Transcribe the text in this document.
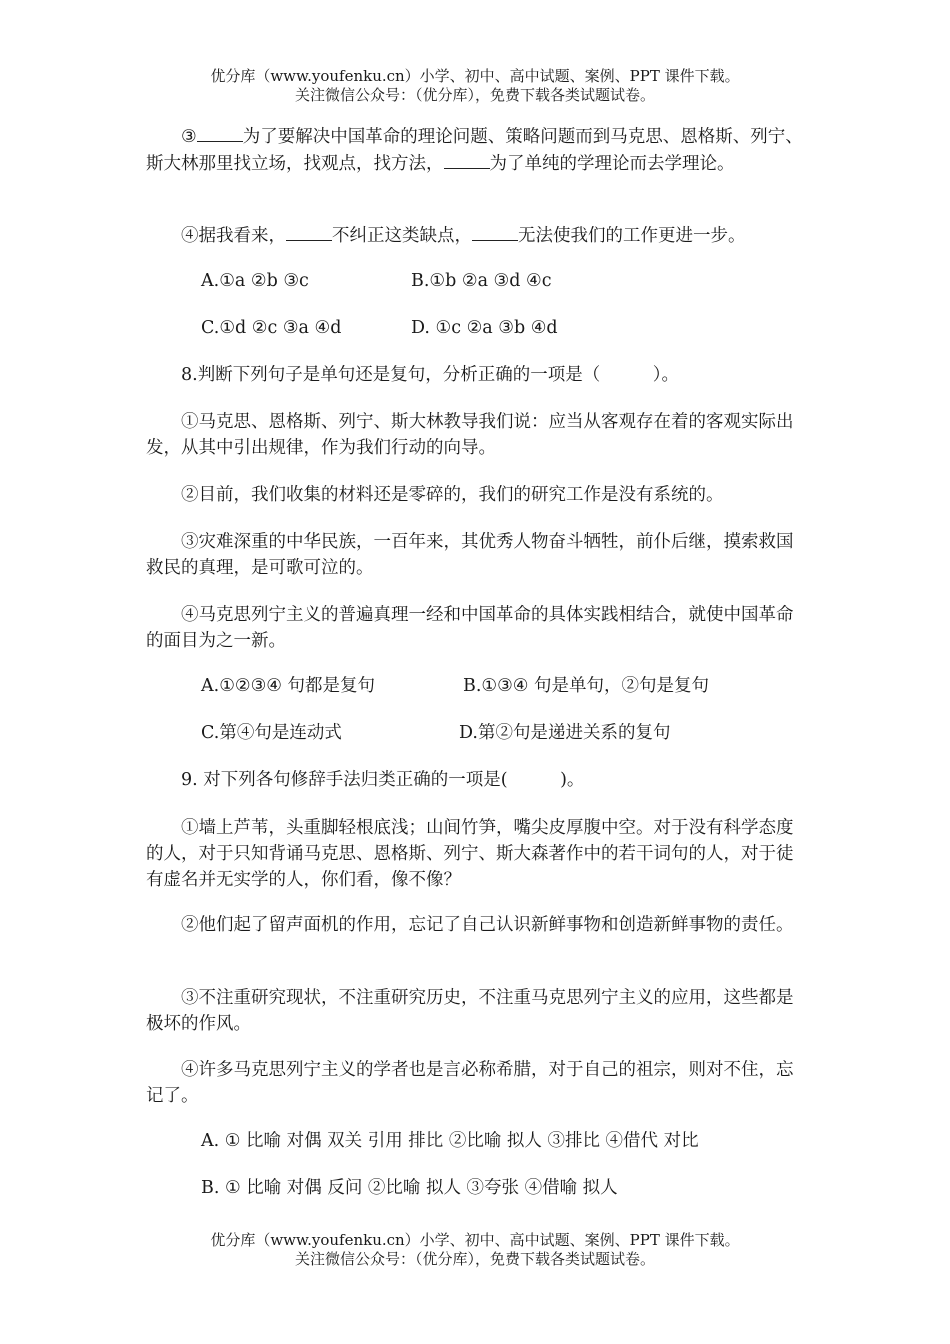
优分库（www.youfenku.cn）小学、初中、高中试题、案例、PPT 课件下载。
关注微信公众号：（优分库），免费下载各类试题试卷。
③	为了要解决中国革命的理论问题、策略问题而到马克思、恩格斯、列宁、斯大林那里找立场，找观点，找方法，	为了单纯的学理论而去学理论。
④据我看来，	不纠正这类缺点，	无法使我们的工作更进一步。
A.①a ②b ③c	B.①b ②a ③d ④c
C.①d ②c ③a ④d	D. ①c ②a ③b ④d
8.判断下列句子是单句还是复句，分析正确的一项是（　　　）。
①马克思、恩格斯、列宁、斯大林教导我们说：应当从客观存在着的客观实际出发，从其中引出规律，作为我们行动的向导。
②目前，我们收集的材料还是零碎的，我们的研究工作是没有系统的。
③灾难深重的中华民族，一百年来，其优秀人物奋斗牺牲，前仆后继，摸索救国救民的真理，是可歌可泣的。
④马克思列宁主义的普遍真理一经和中国革命的具体实践相结合，就使中国革命的面目为之一新。
A.①②③④ 句都是复句	B.①③④ 句是单句，②句是复句
C.第④句是连动式	D.第②句是递进关系的复句
9. 对下列各句修辞手法归类正确的一项是(　　　)。
①墙上芦苇，头重脚轻根底浅；山间竹笋，嘴尖皮厚腹中空。对于没有科学态度的人，对于只知背诵马克思、恩格斯、列宁、斯大森著作中的若干词句的人，对于徒有虚名并无实学的人，你们看，像不像？
②他们起了留声面机的作用，忘记了自己认识新鲜事物和创造新鲜事物的责任。
③不注重研究现状，不注重研究历史，不注重马克思列宁主义的应用，这些都是极坏的作风。
④许多马克思列宁主义的学者也是言必称希腊，对于自己的祖宗，则对不住，忘记了。
A. ① 比喻 对偶 双关 引用 排比 ②比喻 拟人 ③排比 ④借代 对比
B. ① 比喻 对偶 反问 ②比喻 拟人 ③夸张 ④借喻 拟人
优分库（www.youfenku.cn）小学、初中、高中试题、案例、PPT 课件下载。
关注微信公众号：（优分库），免费下载各类试题试卷。
